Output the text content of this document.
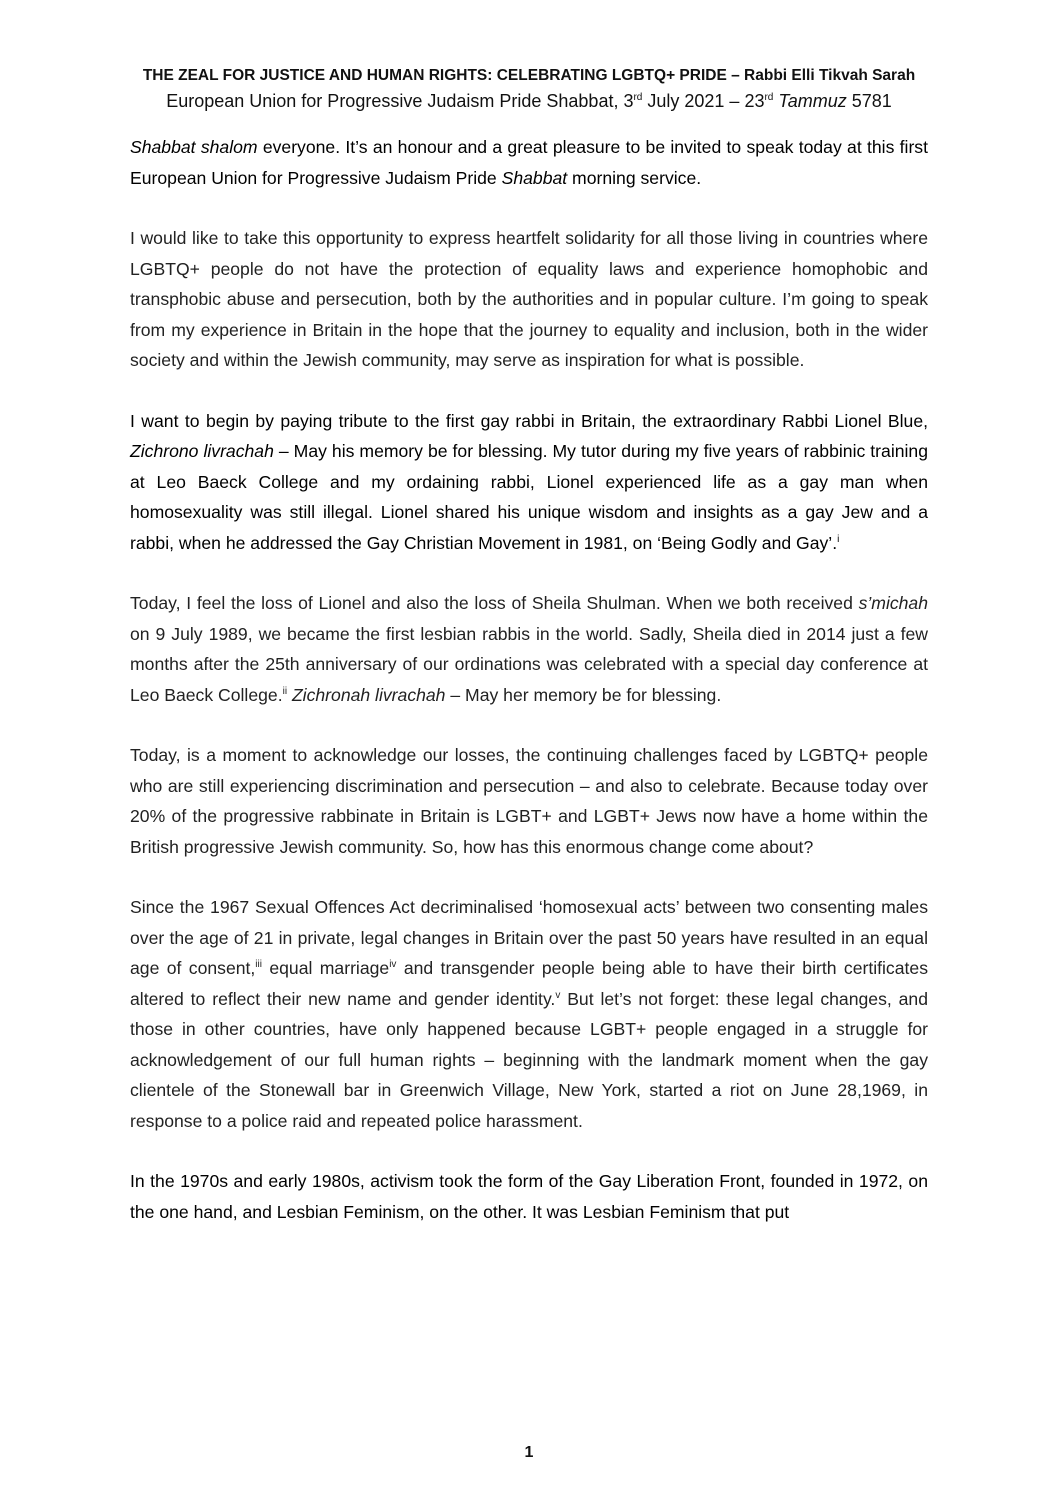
THE ZEAL FOR JUSTICE AND HUMAN RIGHTS: CELEBRATING LGBTQ+ PRIDE – Rabbi Elli Tikvah Sarah

European Union for Progressive Judaism Pride Shabbat, 3rd July 2021 – 23rd Tammuz 5781

Shabbat shalom everyone. It’s an honour and a great pleasure to be invited to speak today at this first European Union for Progressive Judaism Pride Shabbat morning service.

I would like to take this opportunity to express heartfelt solidarity for all those living in countries where LGBTQ+ people do not have the protection of equality laws and experience homophobic and transphobic abuse and persecution, both by the authorities and in popular culture. I’m going to speak from my experience in Britain in the hope that the journey to equality and inclusion, both in the wider society and within the Jewish community, may serve as inspiration for what is possible.

I want to begin by paying tribute to the first gay rabbi in Britain, the extraordinary Rabbi Lionel Blue, Zichrono livrachah – May his memory be for blessing. My tutor during my five years of rabbinic training at Leo Baeck College and my ordaining rabbi, Lionel experienced life as a gay man when homosexuality was still illegal. Lionel shared his unique wisdom and insights as a gay Jew and a rabbi, when he addressed the Gay Christian Movement in 1981, on ‘Being Godly and Gay’.$^i$

Today, I feel the loss of Lionel and also the loss of Sheila Shulman. When we both received s’michah on 9 July 1989, we became the first lesbian rabbis in the world. Sadly, Sheila died in 2014 just a few months after the 25th anniversary of our ordinations was celebrated with a special day conference at Leo Baeck College.$^{ii}$ Zichronah livrachah – May her memory be for blessing.

Today, is a moment to acknowledge our losses, the continuing challenges faced by LGBTQ+ people who are still experiencing discrimination and persecution – and also to celebrate. Because today over 20% of the progressive rabbinate in Britain is LGBT+ and LGBT+ Jews now have a home within the British progressive Jewish community. So, how has this enormous change come about?

Since the 1967 Sexual Offences Act decriminalised ‘homosexual acts’ between two consenting males over the age of 21 in private, legal changes in Britain over the past 50 years have resulted in an equal age of consent,$^{iii}$ equal marriage$^{iv}$ and transgender people being able to have their birth certificates altered to reflect their new name and gender identity.$^v$ But let’s not forget: these legal changes, and those in other countries, have only happened because LGBT+ people engaged in a struggle for acknowledgement of our full human rights – beginning with the landmark moment when the gay clientele of the Stonewall bar in Greenwich Village, New York, started a riot on June 28,1969, in response to a police raid and repeated police harassment.

In the 1970s and early 1980s, activism took the form of the Gay Liberation Front, founded in 1972, on the one hand, and Lesbian Feminism, on the other. It was Lesbian Feminism that put

1
